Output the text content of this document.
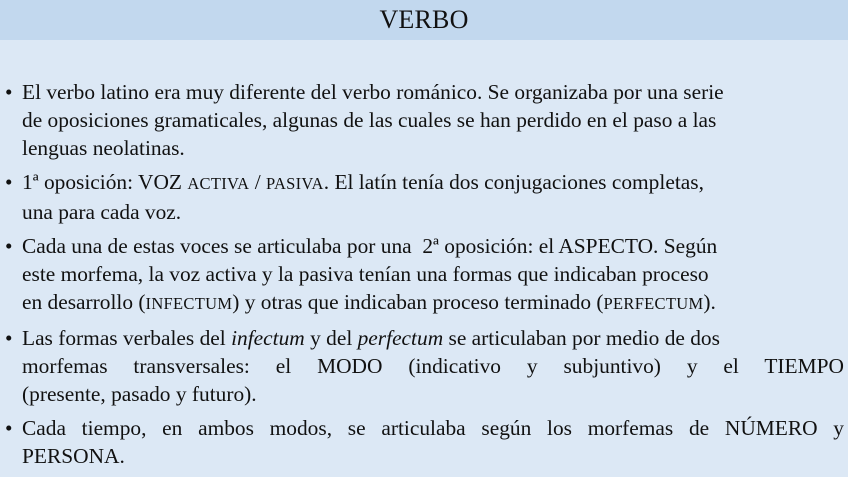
VERBO
• El verbo latino era muy diferente del verbo románico. Se organizaba por una serie
de oposiciones gramaticales, algunas de las cuales se han perdido en el paso a las
lenguas neolatinas.
• 1ª oposición: VOZ ACTIVA / PASIVA. El latín tenía dos conjugaciones completas,
una para cada voz.
• Cada una de estas voces se articulaba por una  2ª oposición: el ASPECTO. Según
este morfema, la voz activa y la pasiva tenían una formas que indicaban proceso
en desarrollo (INFECTUM) y otras que indicaban proceso terminado (PERFECTUM).
• Las formas verbales del infectum y del perfectum se articulaban por medio de dos
morfemas transversales: el MODO (indicativo y subjuntivo) y el TIEMPO
(presente, pasado y futuro).
• Cada tiempo, en ambos modos, se articulaba según los morfemas de NÚMERO y
PERSONA.
